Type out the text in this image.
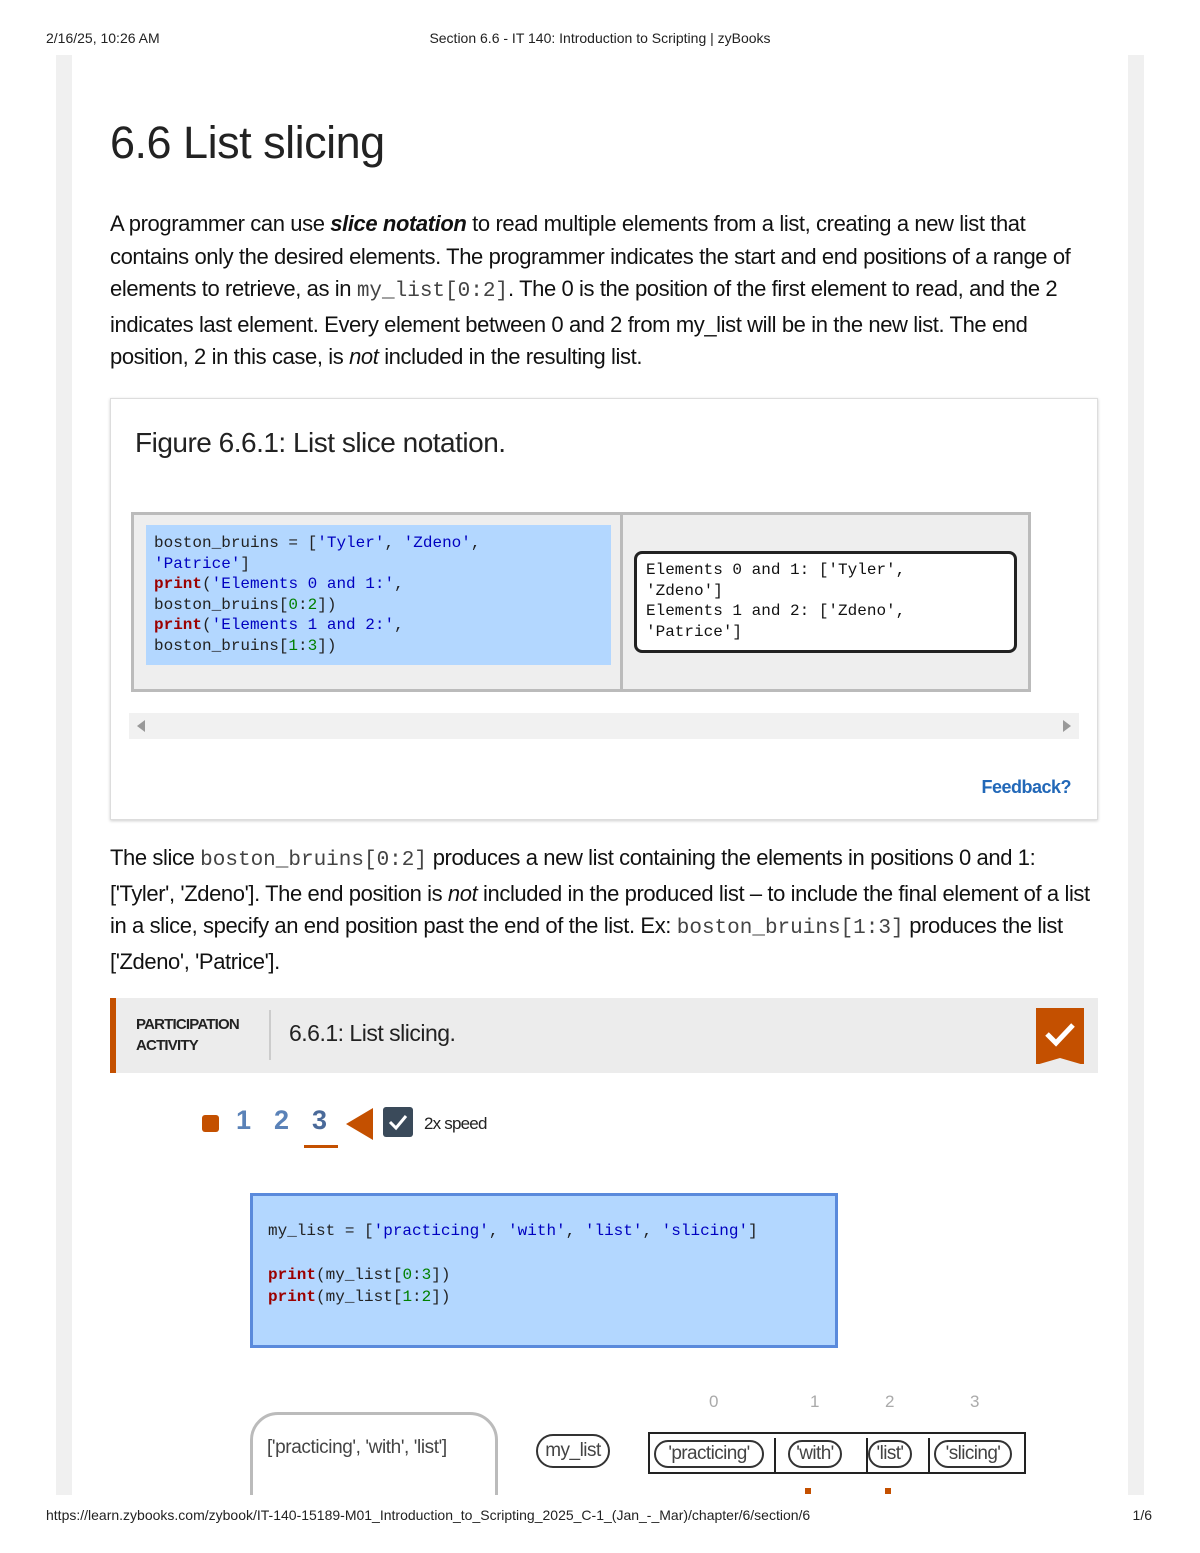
2/16/25, 10:26 AM	Section 6.6 - IT 140: Introduction to Scripting | zyBooks
6.6 List slicing

A programmer can use slice notation to read multiple elements from a list, creating a new list that contains only the desired elements. The programmer indicates the start and end positions of a range of elements to retrieve, as in my_list[0:2]. The 0 is the position of the first element to read, and the 2 indicates last element. Every element between 0 and 2 from my_list will be in the new list. The end position, 2 in this case, is not included in the resulting list.

Figure 6.6.1: List slice notation.
boston_bruins = ['Tyler', 'Zdeno',
'Patrice']
print('Elements 0 and 1:',
boston_bruins[0:2])
print('Elements 1 and 2:',
boston_bruins[1:3])
Elements 0 and 1: ['Tyler',
'Zdeno']
Elements 1 and 2: ['Zdeno',
'Patrice']
Feedback?

The slice boston_bruins[0:2] produces a new list containing the elements in positions 0 and 1: ['Tyler', 'Zdeno']. The end position is not included in the produced list – to include the final element of a list in a slice, specify an end position past the end of the list. Ex: boston_bruins[1:3] produces the list ['Zdeno', 'Patrice'].

PARTICIPATION
ACTIVITY	6.6.1: List slicing.
1 2 3	2x speed
my_list = ['practicing', 'with', 'list', 'slicing']

print(my_list[0:3])
print(my_list[1:2])
['practicing', 'with', 'list']	my_list
0	1	2	3
'practicing'	'with'	'list'	'slicing'
https://learn.zybooks.com/zybook/IT-140-15189-M01_Introduction_to_Scripting_2025_C-1_(Jan_-_Mar)/chapter/6/section/6	1/6
